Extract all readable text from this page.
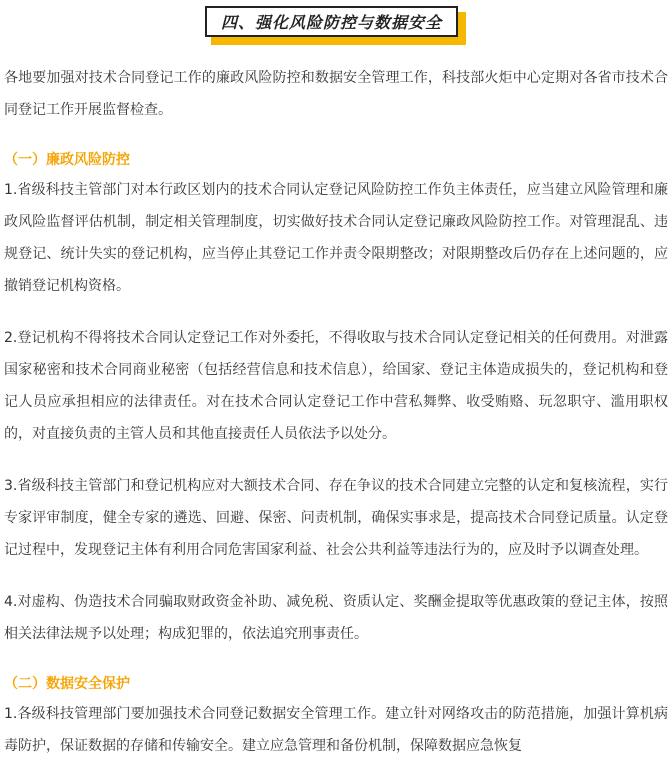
四、强化风险防控与数据安全

各地要加强对技术合同登记工作的廉政风险防控和数据安全管理工作，科技部火炬中心定期对各省市技术合同登记工作开展监督检查。

（一）廉政风险防控

1.省级科技主管部门对本行政区划内的技术合同认定登记风险防控工作负主体责任，应当建立风险管理和廉政风险监督评估机制，制定相关管理制度，切实做好技术合同认定登记廉政风险防控工作。对管理混乱、违规登记、统计失实的登记机构，应当停止其登记工作并责令限期整改；对限期整改后仍存在上述问题的，应撤销登记机构资格。

2.登记机构不得将技术合同认定登记工作对外委托，不得收取与技术合同认定登记相关的任何费用。对泄露国家秘密和技术合同商业秘密（包括经营信息和技术信息），给国家、登记主体造成损失的，登记机构和登记人员应承担相应的法律责任。对在技术合同认定登记工作中营私舞弊、收受贿赂、玩忽职守、滥用职权的，对直接负责的主管人员和其他直接责任人员依法予以处分。

3.省级科技主管部门和登记机构应对大额技术合同、存在争议的技术合同建立完整的认定和复核流程，实行专家评审制度，健全专家的遴选、回避、保密、问责机制，确保实事求是，提高技术合同登记质量。认定登记过程中，发现登记主体有利用合同危害国家利益、社会公共利益等违法行为的，应及时予以调查处理。

4.对虚构、伪造技术合同骗取财政资金补助、减免税、资质认定、奖酬金提取等优惠政策的登记主体，按照相关法律法规予以处理；构成犯罪的，依法追究刑事责任。

（二）数据安全保护

1.各级科技管理部门要加强技术合同登记数据安全管理工作。建立针对网络攻击的防范措施，加强计算机病毒防护，保证数据的存储和传输安全。建立应急管理和备份机制，保障数据应急恢复
